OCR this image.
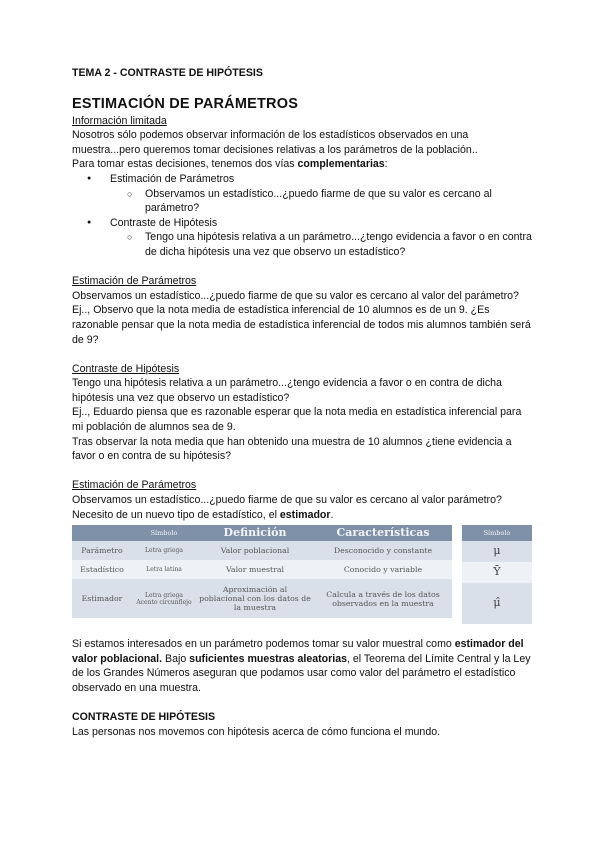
TEMA 2 - CONTRASTE DE HIPÓTESIS

ESTIMACIÓN DE PARÁMETROS

Información limitada

Nosotros sólo podemos observar información de los estadísticos observados en una muestra...pero queremos tomar decisiones relativas a los parámetros de la población..

Para tomar estas decisiones, tenemos dos vías complementarias:

● Estimación de Parámetros
○ Observamos un estadístico...¿puedo fiarme de que su valor es cercano al parámetro?
● Contraste de Hipótesis
○ Tengo una hipótesis relativa a un parámetro...¿tengo evidencia a favor o en contra de dicha hipótesis una vez que observo un estadístico?

Estimación de Parámetros

Observamos un estadístico...¿puedo fiarme de que su valor es cercano al valor del parámetro?

Ej.., Observo que la nota media de estadística inferencial de 10 alumnos es de un 9. ¿Es razonable pensar que la nota media de estadística inferencial de todos mis alumnos también será de 9?

Contraste de Hipótesis

Tengo una hipótesis relativa a un parámetro...¿tengo evidencia a favor o en contra de dicha hipótesis una vez que observo un estadístico?

Ej.., Eduardo piensa que es razonable esperar que la nota media en estadística inferencial para mi población de alumnos sea de 9.

Tras observar la nota media que han obtenido una muestra de 10 alumnos ¿tiene evidencia a favor o en contra de su hipótesis?

Estimación de Parámetros

Observamos un estadístico...¿puedo fiarme de que su valor es cercano al valor parámetro?

Necesito de un nuevo tipo de estadístico, el estimador.

	Símbolo	Definición	Características
Parámetro	Letra griega	Valor poblacional	Desconocido y constante
Estadístico	Letra latina	Valor muestral	Conocido y variable
Estimador	Letra griega Acento circunflejo	Aproximación al poblacional con los datos de la muestra	Calcula a través de los datos observados en la muestra
Símbolo
μ
Ȳ
μ̂

Si estamos interesados en un parámetro podemos tomar su valor muestral como estimador del valor poblacional. Bajo suficientes muestras aleatorias, el Teorema del Límite Central y la Ley de los Grandes Números aseguran que podamos usar como valor del parámetro el estadístico observado en una muestra.

CONTRASTE DE HIPÓTESIS

Las personas nos movemos con hipótesis acerca de cómo funciona el mundo.
